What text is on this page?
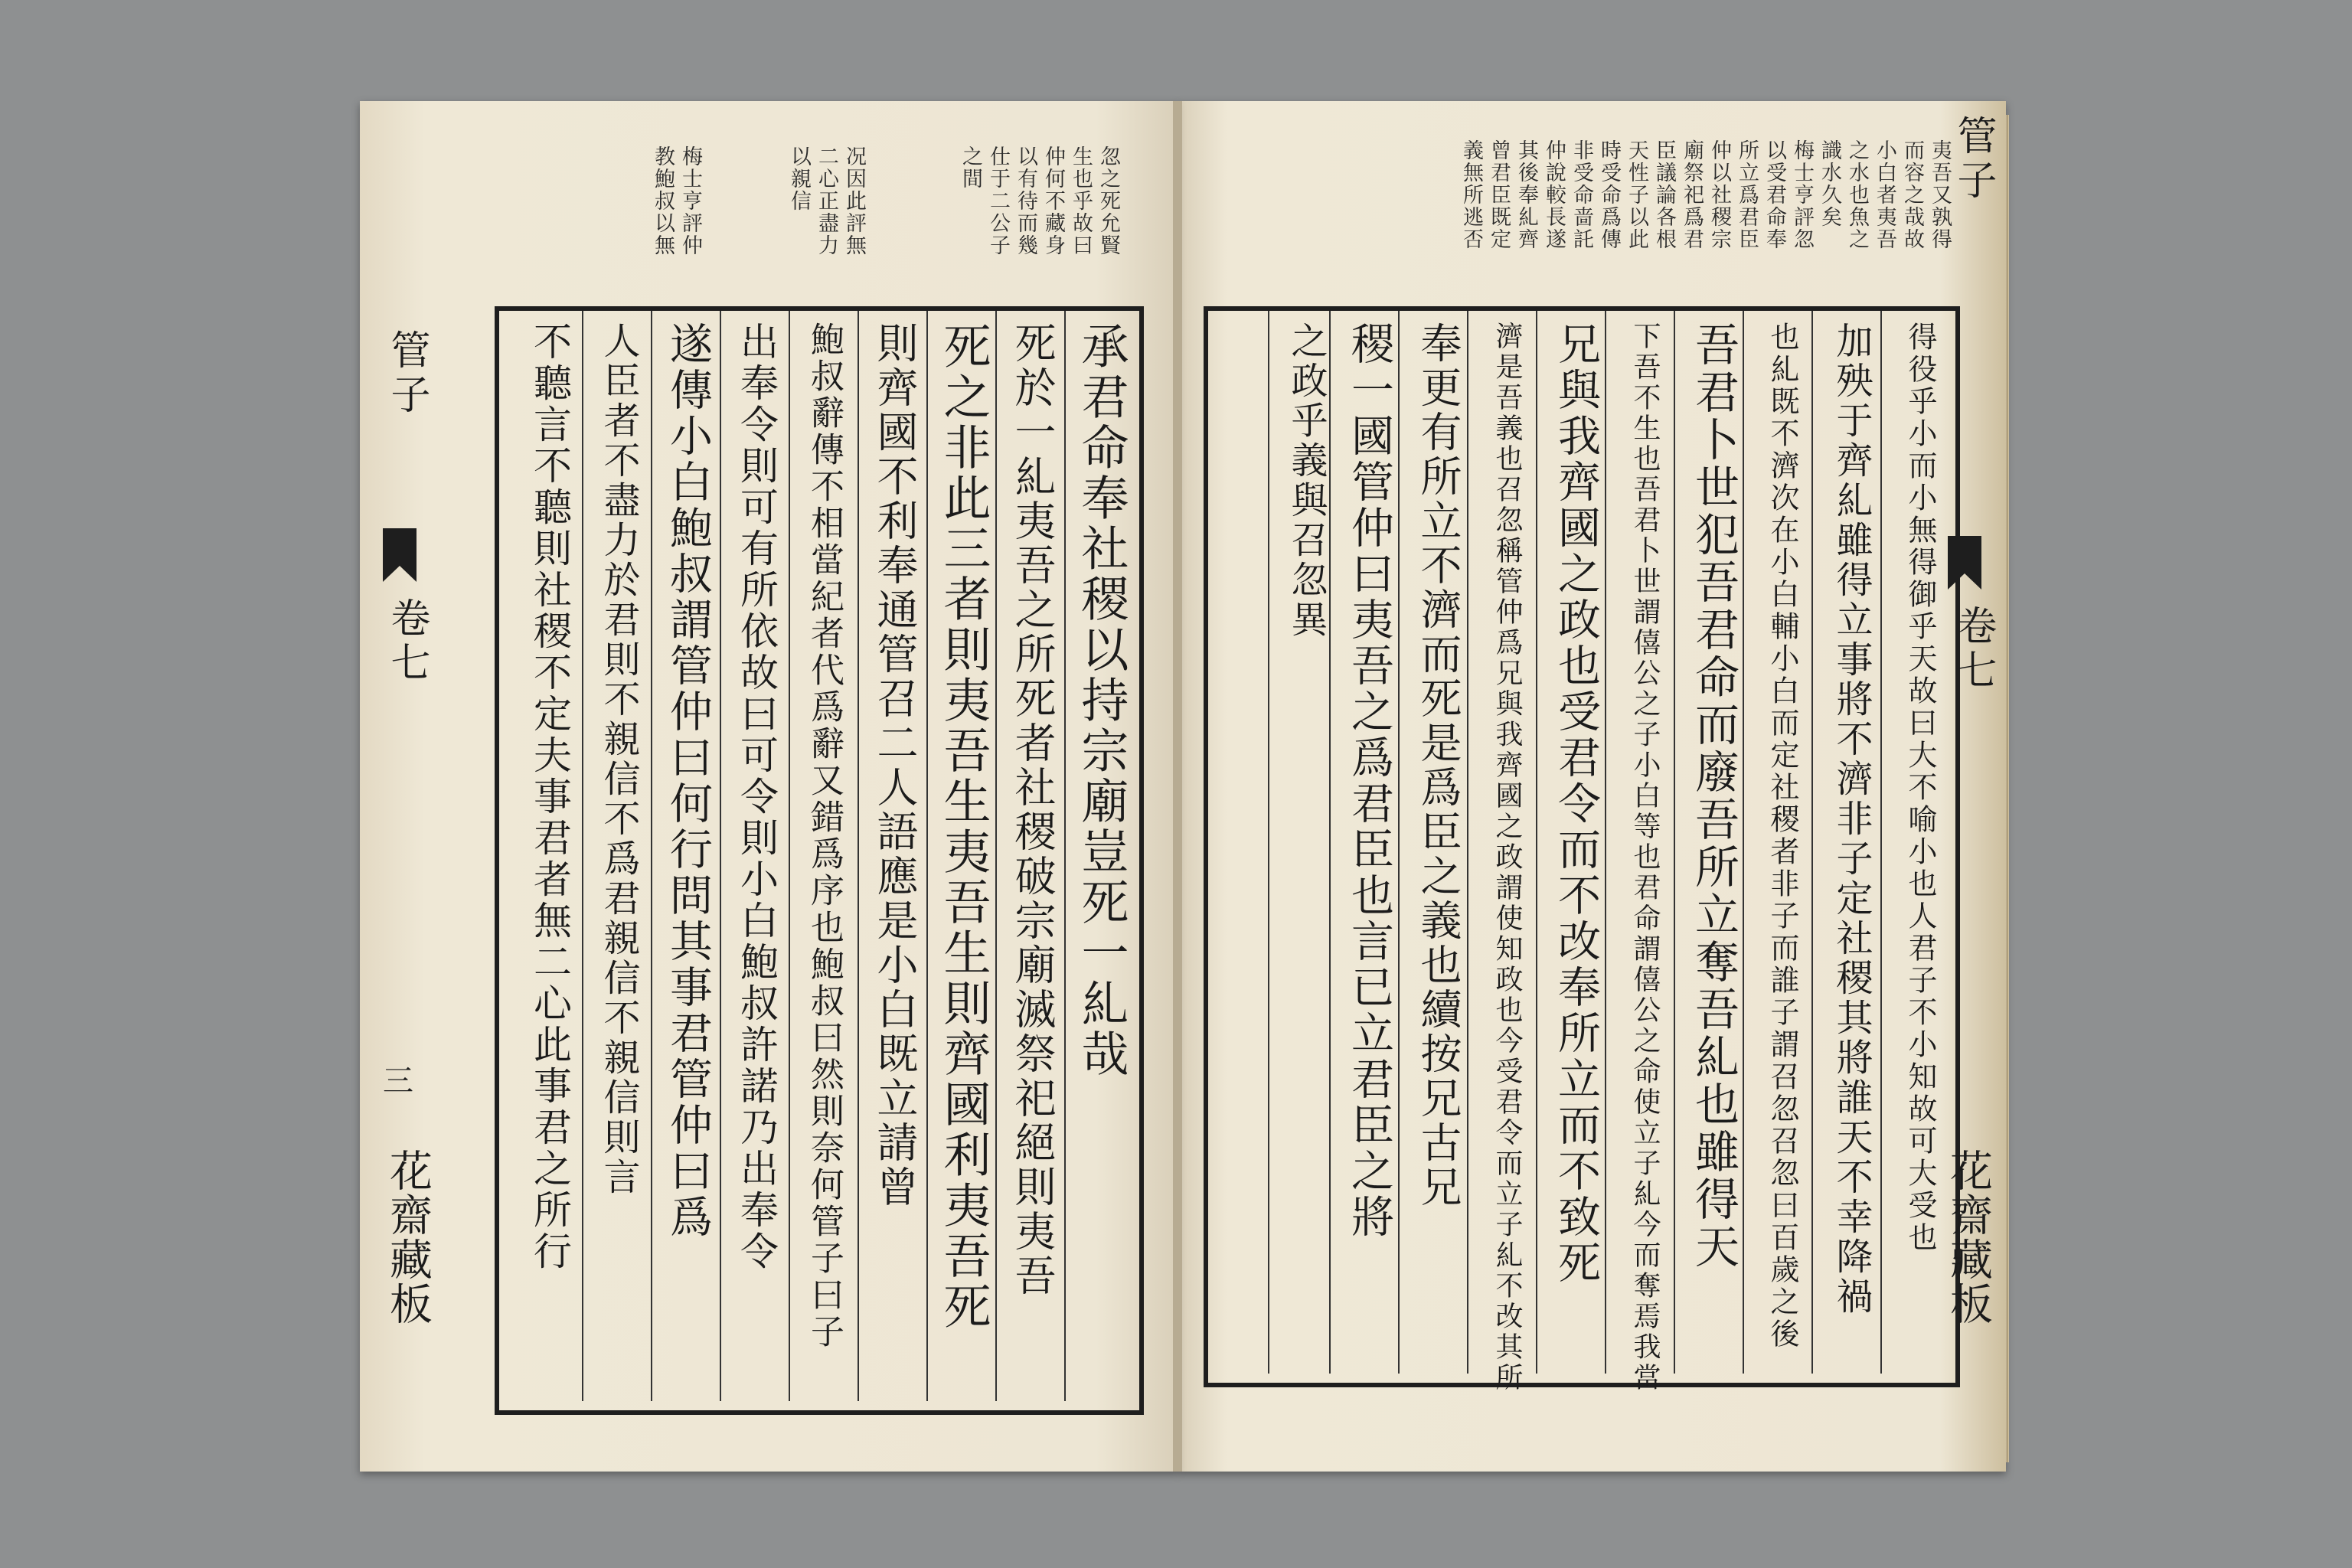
忽之死允賢
生也乎故曰
仲何不藏身
以有待而幾
仕于二公子
之間
况因此評無
二心正盡力
以親信
梅士亨評仲
教鮑叔以無
承君命奉社稷以持宗廟豈死一糺哉
死於一糺夷吾之所死者社稷破宗廟滅祭祀絕則夷吾
死之非此三者則夷吾生夷吾生則齊國利夷吾死
則齊國不利奉通管召二人語應是小白既立請曾
鮑叔辭傳不相當紀者代爲辭又錯爲序也鮑叔曰然則奈何管子曰子
出奉令則可有所依故曰可令則小白鮑叔許諾乃出奉令
遂傳小白鮑叔謂管仲曰何行問其事君管仲曰爲
人臣者不盡力於君則不親信不爲君親信不親信則言
不聽言不聽則社稷不定夫事君者無二心此事君之所行
管子
卷七
三
花齋藏板
夷吾又孰得
而容之哉故
小白者夷吾
之水也魚之
識水久矣
梅士亨評忽
以受君命奉
所立爲君臣
仲以社稷宗
廟祭祀爲君
臣議論各根
天性子以此
時受命爲傳
非受命啬託
仲說較長遂
其後奉糺齊
曾君臣既定
義無所逃否
得役乎小而小無得御乎天故曰大不喻小也人君子不小知故可大受也
加殃于齊糺雖得立事將不濟非子定社稷其將誰天不幸降禍
也糺既不濟次在小白輔小白而定社稷者非子而誰子謂召忽召忽曰百歲之後
吾君卜世犯吾君命而廢吾所立奪吾糺也雖得天
下吾不生也吾君卜世謂僖公之子小白等也君命謂僖公之命使立子糺今而奪焉我當
兄與我齊國之政也受君令而不改奉所立而不致死
濟是吾義也召忽稱管仲爲兄與我齊國之政謂使知政也今受君令而立子糺不改其所
奉更有所立不濟而死是爲臣之義也續按兄古兄
稷一國管仲曰夷吾之爲君臣也言已立君臣之將
之政乎義與召忽異
管子
卷七
花齋藏板
